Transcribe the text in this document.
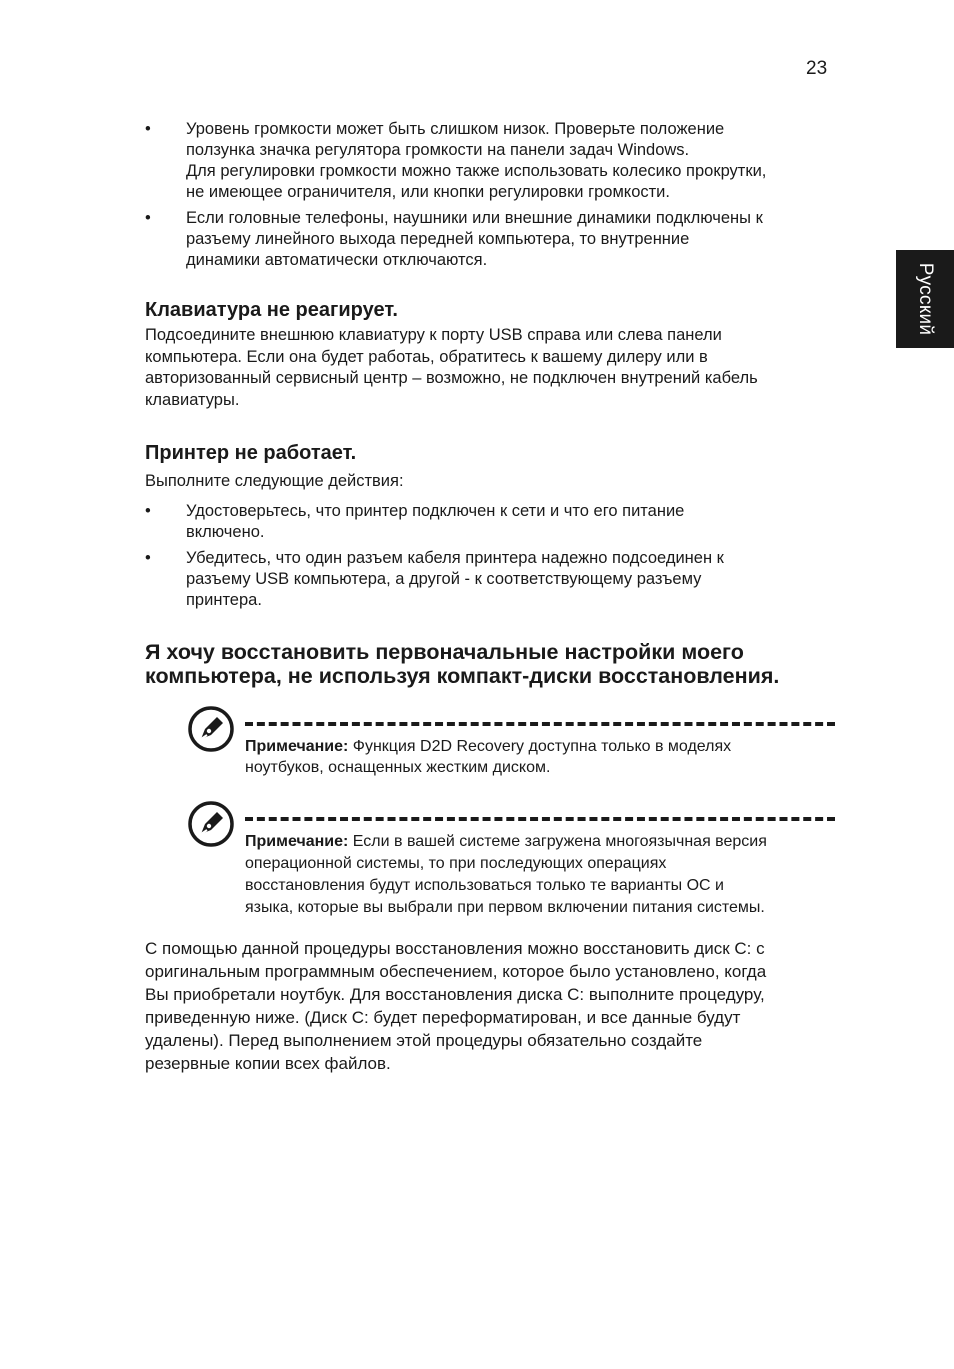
23
Русский
• Уровень громкости может быть слишком низок. Проверьте положение
ползунка значка регулятора громкости на панели задач Windows.
Для регулировки громкости можно также использовать колесико прокрутки,
не имеющее ограничителя, или кнопки регулировки громкости.
• Если головные телефоны, наушники или внешние динамики подключены к
разъему линейного выхода передней компьютера, то внутренние
динамики автоматически отключаются.
Клавиатура не реагирует.
Подсоедините внешнюю клавиатуру к порту USB справа или слева панели
компьютера. Если она будет работаь, обратитесь к вашему дилеру или в
авторизованный сервисный центр – возможно, не подключен внутрений кабель
клавиатуры.
Принтер не работает.
Выполните следующие действия:
• Удостоверьтесь, что принтер подключен к сети и что его питание
включено.
• Убедитесь, что один разъем кабеля принтера надежно подсоединен к
разъему USB компьютера, а другой - к соответствующему разъему
принтера.
Я хочу восстановить первоначальные настройки моего
компьютера, не используя компакт-диски восстановления.
Примечание: Функция D2D Recovery доступна только в моделях
ноутбуков, оснащенных жестким диском.
Примечание: Если в вашей системе загружена многоязычная версия
операционной системы, то при последующих операциях
восстановления будут использоваться только те варианты ОС и
языка, которые вы выбрали при первом включении питания системы.
С помощью данной процедуры восстановления можно восстановить диск C: с
оригинальным программным обеспечением, которое было установлено, когда
Вы приобретали ноутбук. Для восстановления диска C: выполните процедуру,
приведенную ниже. (Диск C: будет переформатирован, и все данные будут
удалены). Перед выполнением этой процедуры обязательно создайте
резервные копии всех файлов.
